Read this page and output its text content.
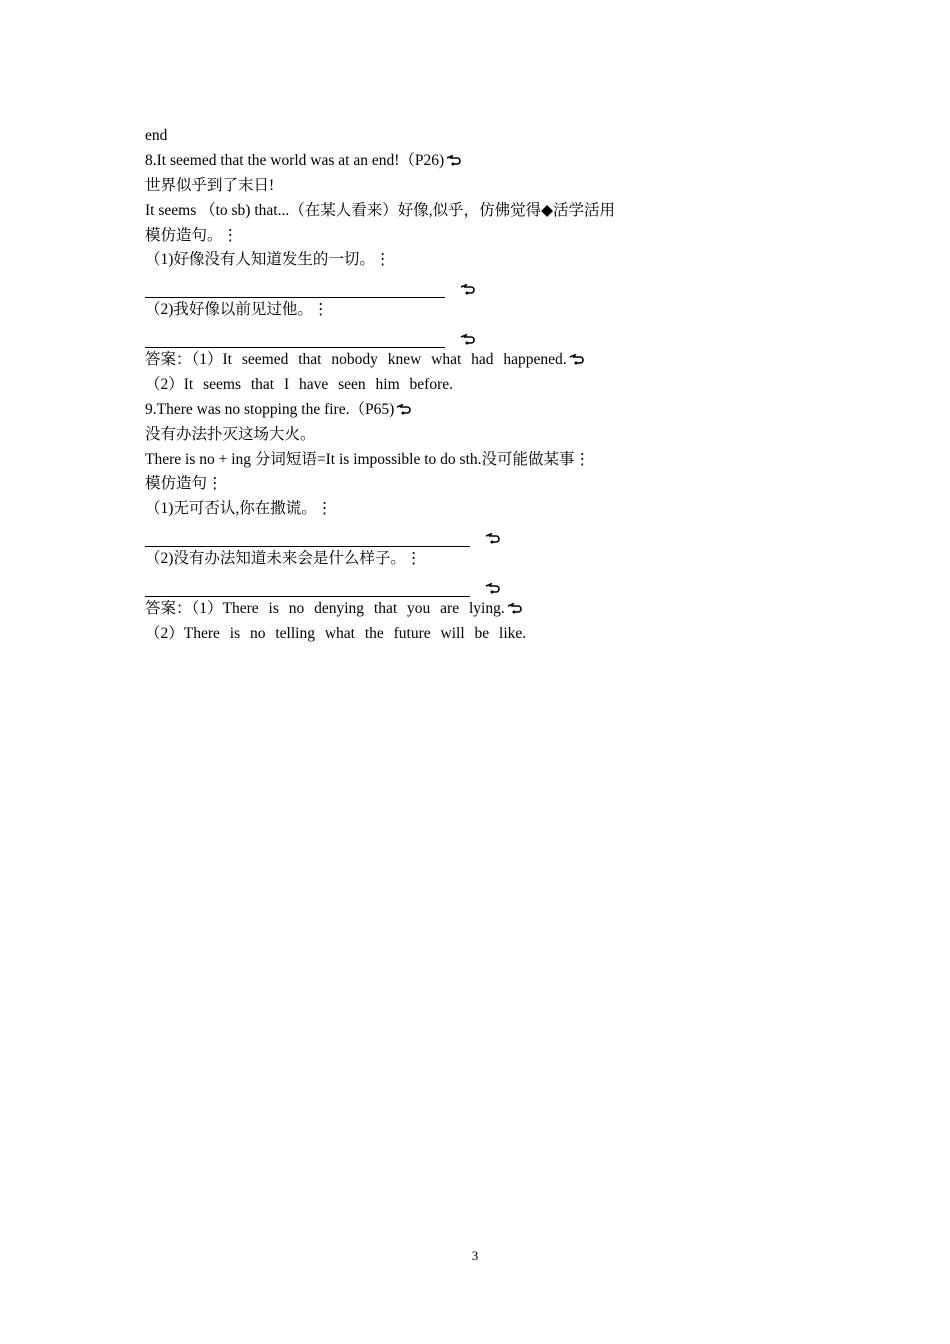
end
8.It seemed that the world was at an end!（P26)
世界似乎到了末日!
It seems （to sb) that...（在某人看来）好像,似乎，仿佛觉得◆活学活用
模仿造句。⋮
（1)好像没有人知道发生的一切。⋮
（2)我好像以前见过他。⋮
答案：（1）It seemed that nobody knew what had happened.
（2）It seems that I have seen him before.
9.There was no stopping the fire.（P65)
没有办法扑灭这场大火。
There is no + ing 分词短语=It is impossible to do sth.没可能做某事⋮
模仿造句⋮
（1)无可否认,你在撒谎。⋮
（2)没有办法知道未来会是什么样子。⋮
答案：（1）There is no denying that you are lying.
（2）There is no telling what the future will be like.
3
